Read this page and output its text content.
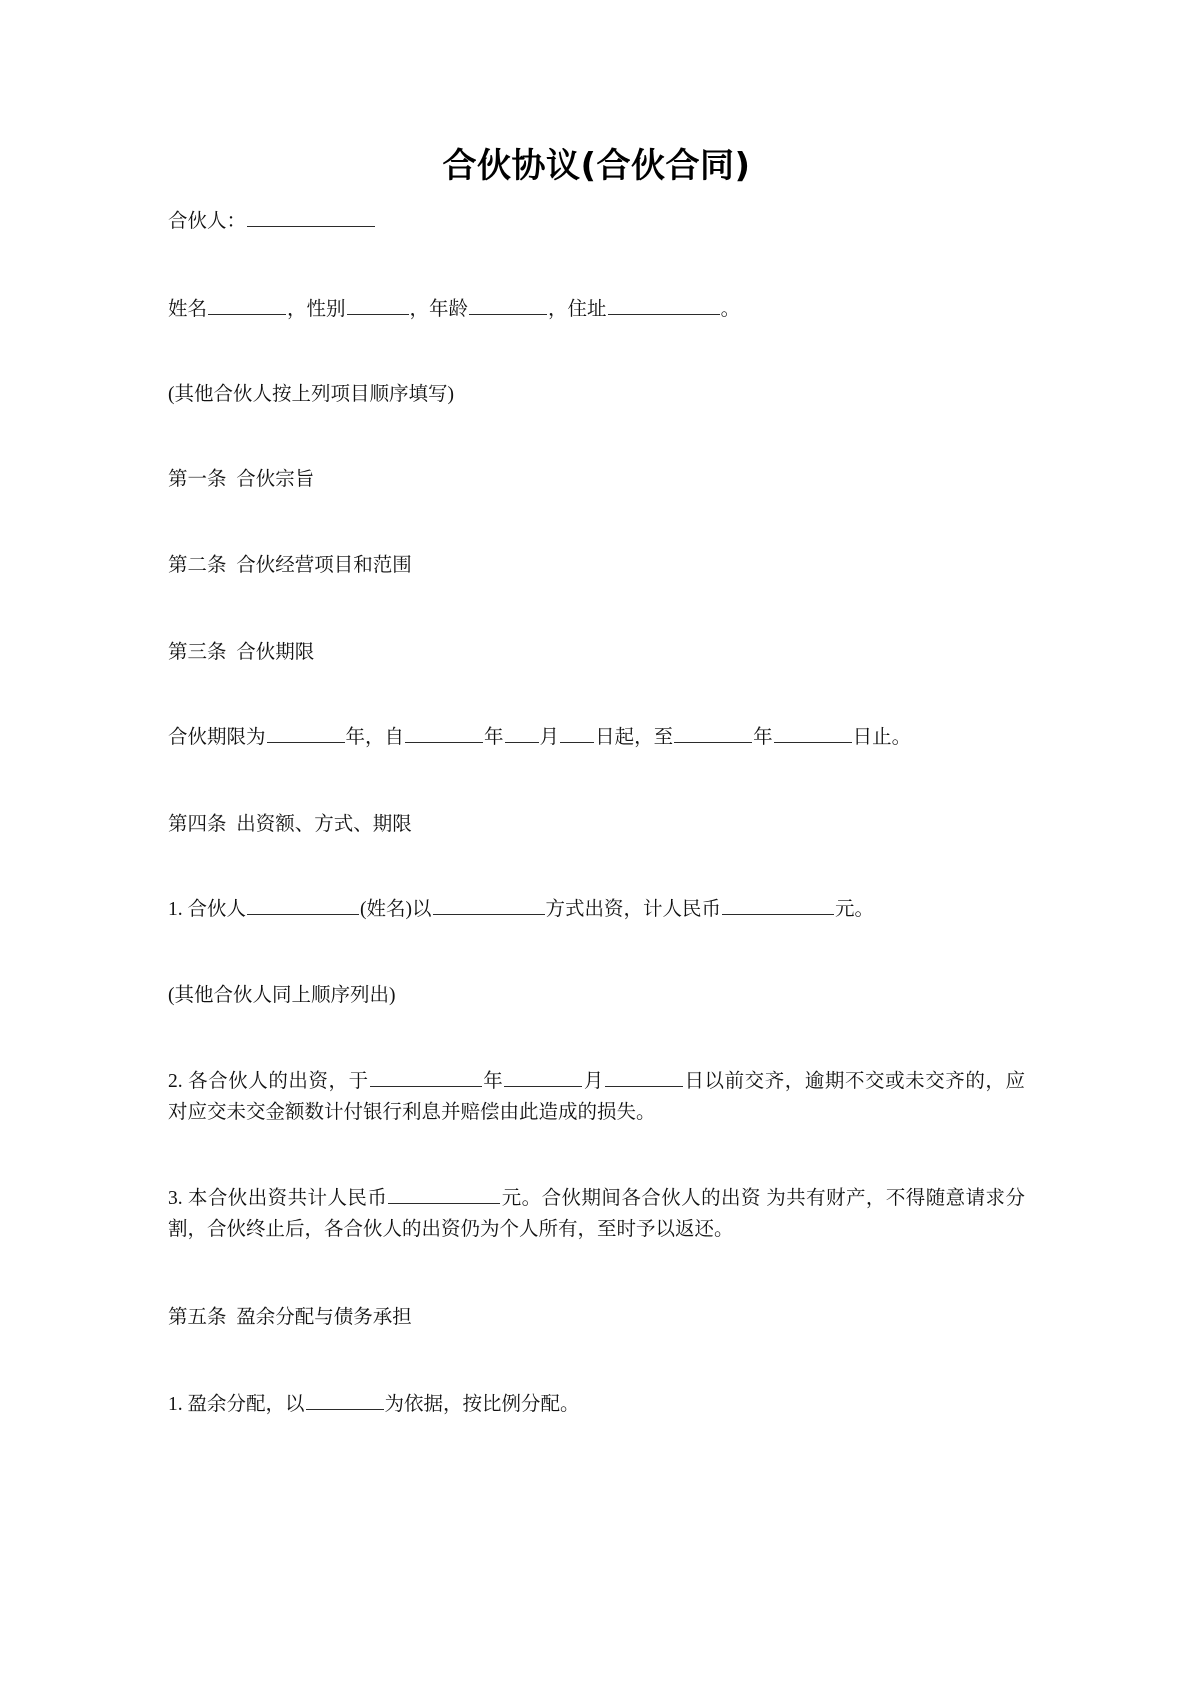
合伙协议(合伙合同)
合伙人：
姓名	，性别	，年龄	，住址	。
(其他合伙人按上列项目顺序填写)
第一条 合伙宗旨
第二条 合伙经营项目和范围
第三条 合伙期限
合伙期限为	年，自	年 月 日起，至	年	日止。
第四条 出资额、方式、期限
1. 合伙人	(姓名)以	方式出资，计人民币	元。
(其他合伙人同上顺序列出)
2. 各合伙人的出资，于	年	月	日以前交齐，逾期不交或未交齐的，应对应交未交金额数计付银行利息并赔偿由此造成的损失。
3. 本合伙出资共计人民币	元。合伙期间各合伙人的出资 为共有财产，不得随意请求分割，合伙终止后，各合伙人的出资仍为个人所有，至时予以返还。
第五条 盈余分配与债务承担
1. 盈余分配，以	为依据，按比例分配。
